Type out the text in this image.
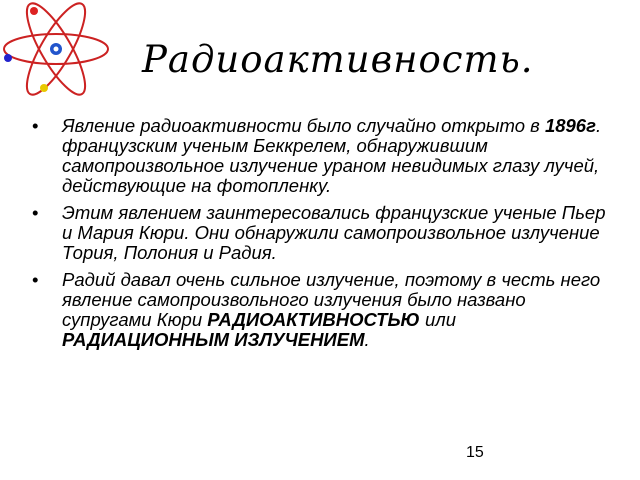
Радиоактивность.
• Явление радиоактивности было случайно открыто в 1896г. французским ученым Беккрелем, обнаружившим самопроизвольное излучение ураном невидимых глазу лучей, действующие на фотопленку.
• Этим явлением заинтересовались французские ученые Пьер и Мария Кюри. Они обнаружили самопроизвольное излучение Тория, Полония и Радия.
• Радий давал очень сильное излучение, поэтому в честь него явление самопроизвольного излучения было названо супругами Кюри РАДИОАКТИВНОСТЬЮ или РАДИАЦИОННЫМ ИЗЛУЧЕНИЕМ.
15
